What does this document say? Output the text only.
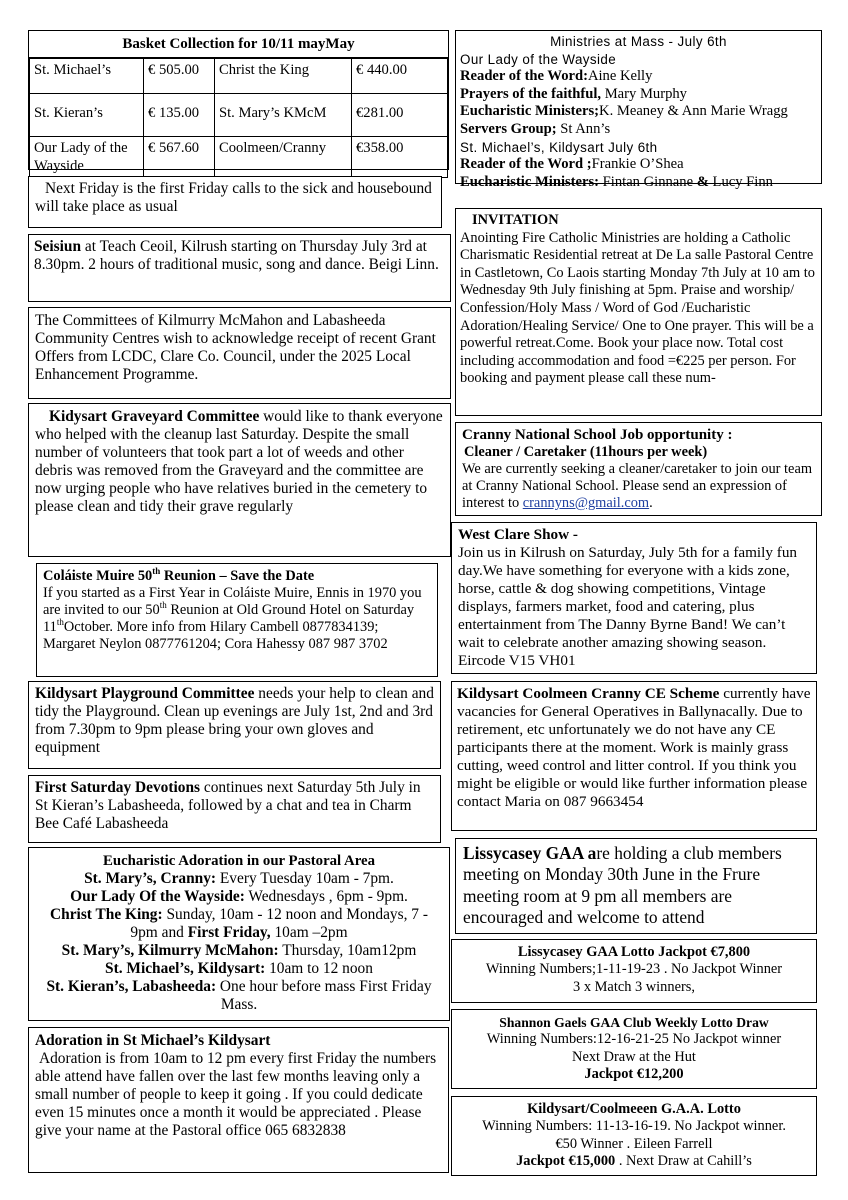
Basket Collection for 10/11 mayMay
St. Michael’s	€ 505.00	Christ the King	€ 440.00
St. Kieran’s	€ 135.00	St. Mary’s KMcM	€281.00
Our Lady of the Wayside	€ 567.60	Coolmeen/Cranny	€358.00

Next Friday is the first Friday calls to the sick and housebound will take place as usual

Seisiun at Teach Ceoil, Kilrush starting on Thursday July 3rd at 8.30pm. 2 hours of traditional music, song and dance. Beigi Linn.

The Committees of Kilmurry McMahon and Labasheeda Community Centres wish to acknowledge receipt of recent Grant Offers from LCDC, Clare Co. Council, under the 2025 Local Enhancement Programme.

Kidysart Graveyard Committee would like to thank everyone who helped with the cleanup last Saturday. Despite the small number of volunteers that took part a lot of weeds and other debris was removed from the Graveyard and the committee are now urging people who have relatives buried in the cemetery to please clean and tidy their grave regularly

Coláiste Muire 50th Reunion – Save the Date

If you started as a First Year in Coláiste Muire, Ennis in 1970 you are invited to our 50th Reunion at Old Ground Hotel on Saturday 11thOctober. More info from Hilary Cambell 0877834139; Margaret Neylon 0877761204; Cora Hahessy 087 987 3702

Kildysart Playground Committee needs your help to clean and tidy the Playground. Clean up evenings are July 1st, 2nd and 3rd from 7.30pm to 9pm please bring your own gloves and equipment

First Saturday Devotions continues next Saturday 5th July in St Kieran’s Labasheeda, followed by a chat and tea in Charm Bee Café Labasheeda

Eucharistic Adoration in our Pastoral Area

St. Mary’s, Cranny: Every Tuesday 10am - 7pm.

Our Lady Of the Wayside: Wednesdays , 6pm - 9pm.

Christ The King: Sunday, 10am - 12 noon and Mondays, 7 - 9pm and First Friday, 10am –2pm

St. Mary’s, Kilmurry McMahon: Thursday, 10am12pm

St. Michael’s, Kildysart: 10am to 12 noon

St. Kieran’s, Labasheeda: One hour before mass First Friday Mass.

Adoration in St Michael’s Kildysart

Adoration is from 10am to 12 pm every first Friday the numbers able attend have fallen over the last few months leaving only a small number of people to keep it going . If you could dedicate even 15 minutes once a month it would be appreciated . Please give your name at the Pastoral office 065 6832838

Ministries at Mass - July 6th

Our Lady of the Wayside

Reader of the Word:Aine Kelly

Prayers of the faithful, Mary Murphy

Eucharistic Ministers;K. Meaney & Ann Marie Wragg

Servers Group; St Ann’s

St. Michael’s, Kildysart July 6th

Reader of the Word ;Frankie O’Shea

Eucharistic Ministers: Fintan Ginnane & Lucy Finn

INVITATION

Anointing Fire Catholic Ministries are holding a Catholic Charismatic Residential retreat at De La salle Pastoral Centre in Castletown, Co Laois starting Monday 7th July at 10 am to Wednesday 9th July finishing at 5pm. Praise and worship/ Confession/Holy Mass / Word of God /Eucharistic Adoration/Healing Service/ One to One prayer. This will be a powerful retreat.Come. Book your place now. Total cost including accommodation and food =€225 per person. For booking and payment please call these num-

Cranny National School Job opportunity :

Cleaner / Caretaker (11hours per week)

We are currently seeking a cleaner/caretaker to join our team at Cranny National School. Please send an expression of interest to crannyns@gmail.com.

West Clare Show -

Join us in Kilrush on Saturday, July 5th for a family fun day.We have something for everyone with a kids zone, horse, cattle & dog showing competitions, Vintage displays, farmers market, food and catering, plus entertainment from The Danny Byrne Band! We can’t wait to celebrate another amazing showing season. Eircode V15 VH01

Kildysart Coolmeen Cranny CE Scheme currently have vacancies for General Operatives in Ballynacally. Due to retirement, etc unfortunately we do not have any CE participants there at the moment. Work is mainly grass cutting, weed control and litter control. If you think you might be eligible or would like further information please contact Maria on 087 9663454

Lissycasey GAA are holding a club members meeting on Monday 30th June in the Frure meeting room at 9 pm all members are encouraged and welcome to attend

Lissycasey GAA Lotto Jackpot €7,800

Winning Numbers;1-11-19-23 . No Jackpot Winner

3 x Match 3 winners,

Shannon Gaels GAA Club Weekly Lotto Draw

Winning Numbers:12-16-21-25 No Jackpot winner

Next Draw at the Hut

Jackpot €12,200

Kildysart/Coolmeeen G.A.A. Lotto

Winning Numbers: 11-13-16-19. No Jackpot winner.

€50 Winner . Eileen Farrell

Jackpot €15,000 . Next Draw at Cahill’s
